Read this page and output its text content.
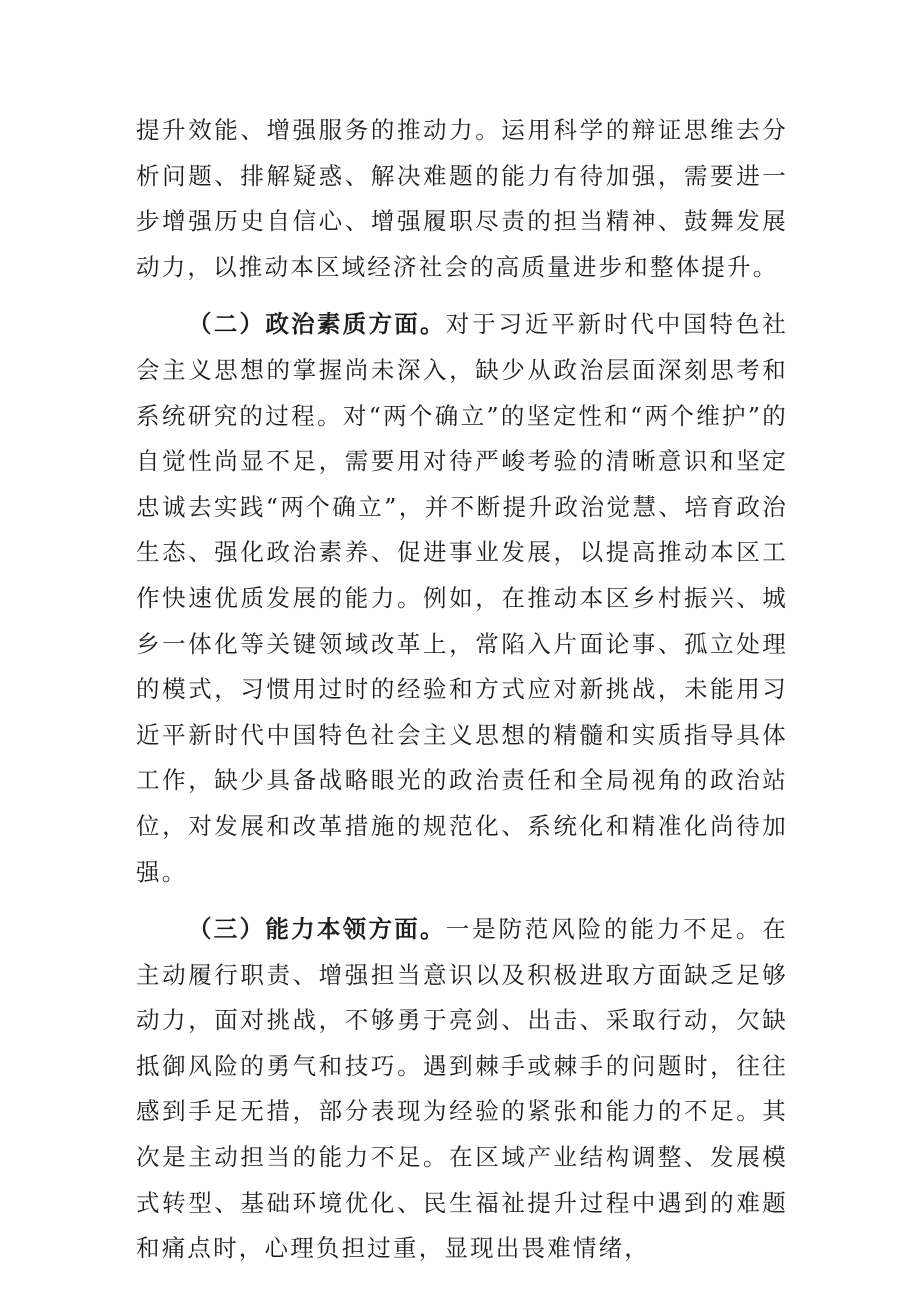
提升效能、增强服务的推动力。运用科学的辩证思维去分析问题、排解疑惑、解决难题的能力有待加强，需要进一步增强历史自信心、增强履职尽责的担当精神、鼓舞发展动力，以推动本区域经济社会的高质量进步和整体提升。

（二）政治素质方面。对于习近平新时代中国特色社会主义思想的掌握尚未深入，缺少从政治层面深刻思考和系统研究的过程。对“两个确立”的坚定性和“两个维护”的自觉性尚显不足，需要用对待严峻考验的清晰意识和坚定忠诚去实践“两个确立”，并不断提升政治觉慧、培育政治生态、强化政治素养、促进事业发展，以提高推动本区工作快速优质发展的能力。例如，在推动本区乡村振兴、城乡一体化等关键领域改革上，常陷入片面论事、孤立处理的模式，习惯用过时的经验和方式应对新挑战，未能用习近平新时代中国特色社会主义思想的精髓和实质指导具体工作，缺少具备战略眼光的政治责任和全局视角的政治站位，对发展和改革措施的规范化、系统化和精准化尚待加强。

（三）能力本领方面。一是防范风险的能力不足。在主动履行职责、增强担当意识以及积极进取方面缺乏足够动力，面对挑战，不够勇于亮剑、出击、采取行动，欠缺抵御风险的勇气和技巧。遇到棘手或棘手的问题时，往往感到手足无措，部分表现为经验的紧张和能力的不足。其次是主动担当的能力不足。在区域产业结构调整、发展模式转型、基础环境优化、民生福祉提升过程中遇到的难题和痛点时，心理负担过重，显现出畏难情绪，
